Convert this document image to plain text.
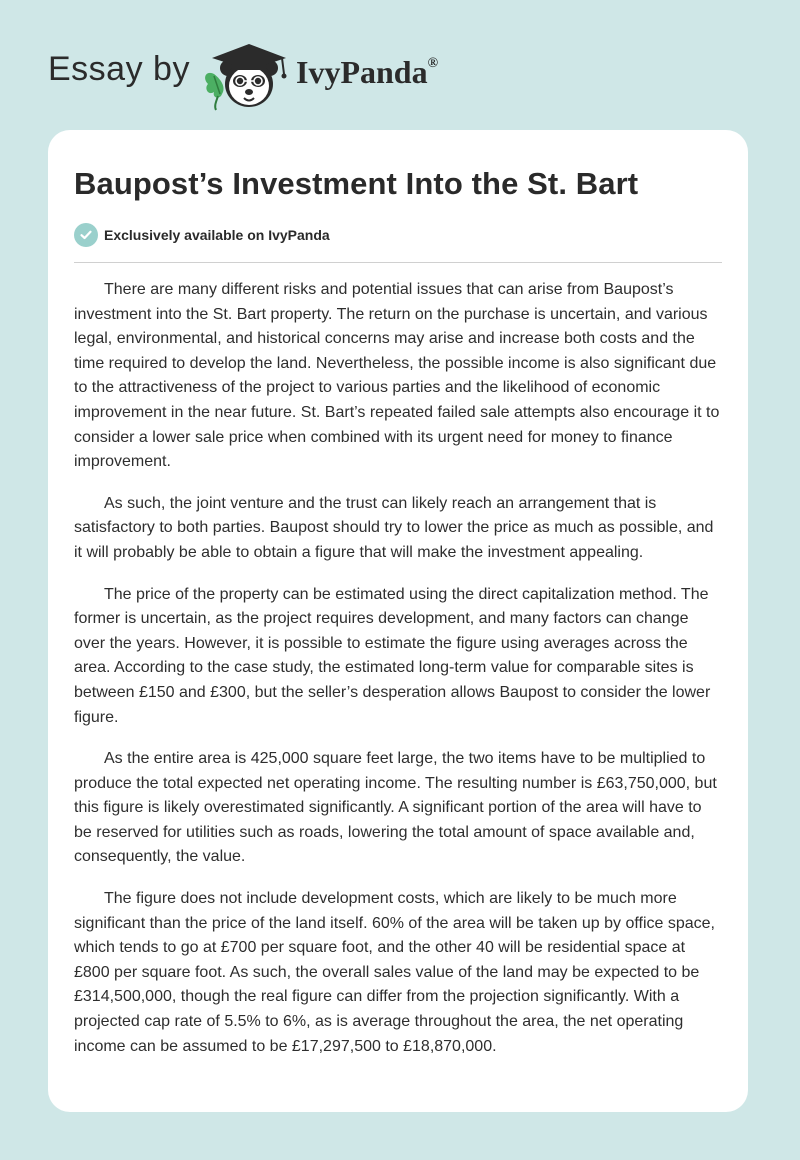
Essay by	IvyPanda®
Baupost’s Investment Into the St. Bart
Exclusively available on IvyPanda

There are many different risks and potential issues that can arise from Baupost’s investment into the St. Bart property. The return on the purchase is uncertain, and various legal, environmental, and historical concerns may arise and increase both costs and the time required to develop the land. Nevertheless, the possible income is also significant due to the attractiveness of the project to various parties and the likelihood of economic improvement in the near future. St. Bart’s repeated failed sale attempts also encourage it to consider a lower sale price when combined with its urgent need for money to finance improvement.

As such, the joint venture and the trust can likely reach an arrangement that is satisfactory to both parties. Baupost should try to lower the price as much as possible, and it will probably be able to obtain a figure that will make the investment appealing.

The price of the property can be estimated using the direct capitalization method. The former is uncertain, as the project requires development, and many factors can change over the years. However, it is possible to estimate the figure using averages across the area. According to the case study, the estimated long-term value for comparable sites is between £150 and £300, but the seller’s desperation allows Baupost to consider the lower figure.

As the entire area is 425,000 square feet large, the two items have to be multiplied to produce the total expected net operating income. The resulting number is £63,750,000, but this figure is likely overestimated significantly. A significant portion of the area will have to be reserved for utilities such as roads, lowering the total amount of space available and, consequently, the value.

The figure does not include development costs, which are likely to be much more significant than the price of the land itself. 60% of the area will be taken up by office space, which tends to go at £700 per square foot, and the other 40 will be residential space at £800 per square foot. As such, the overall sales value of the land may be expected to be £314,500,000, though the real figure can differ from the projection significantly. With a projected cap rate of 5.5% to 6%, as is average throughout the area, the net operating income can be assumed to be £17,297,500 to £18,870,000.
